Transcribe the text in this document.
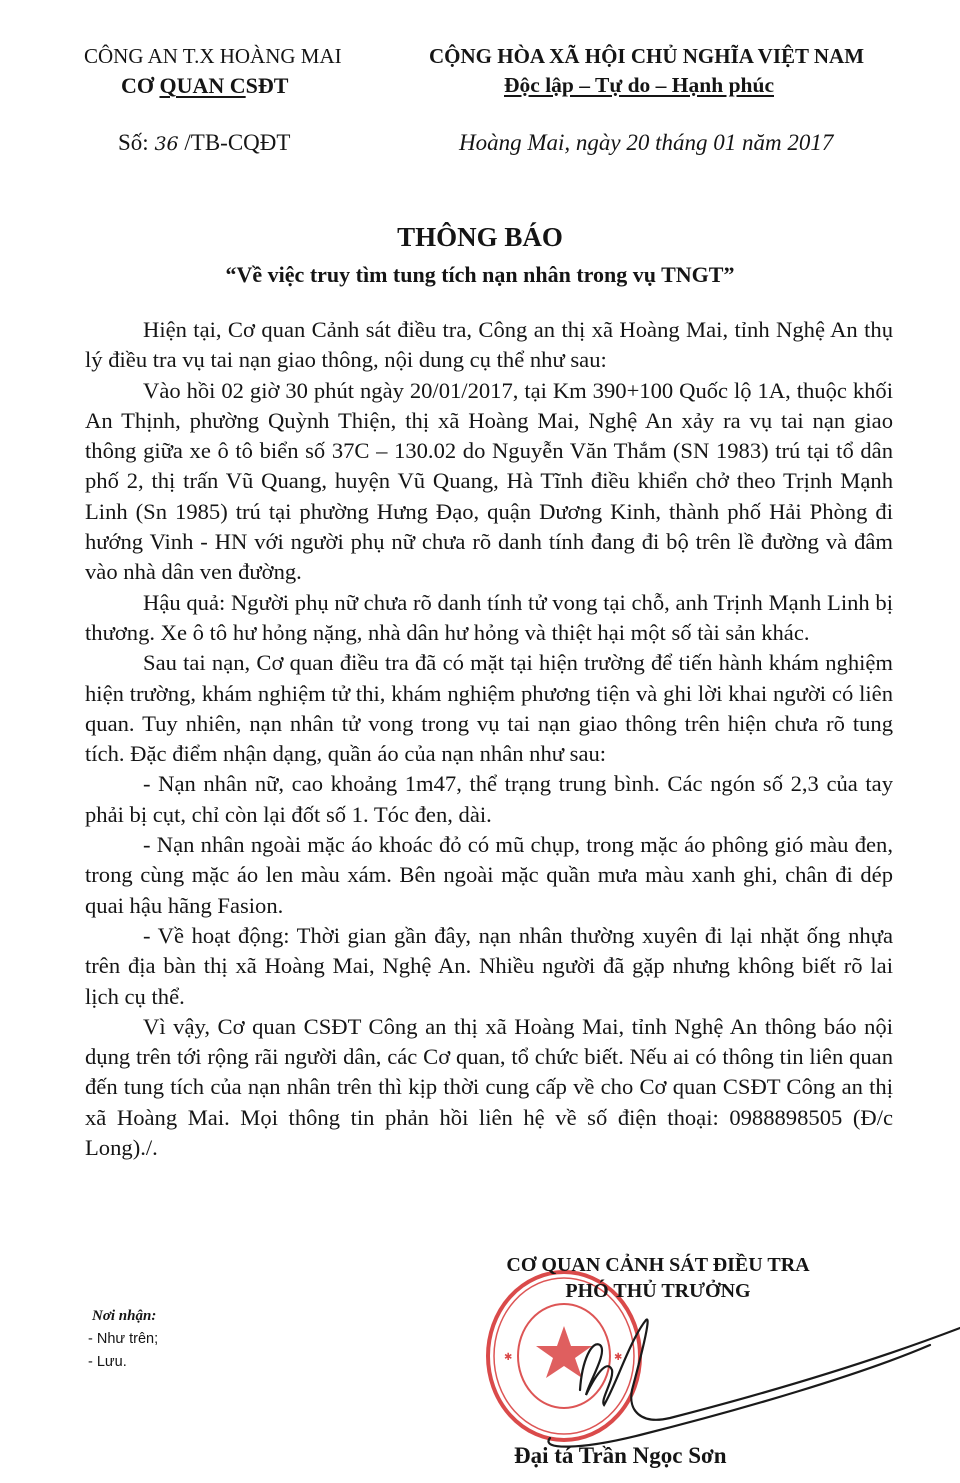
CÔNG AN T.X HOÀNG MAI
CƠ QUAN CSĐT
Số: 36 /TB-CQĐT
CỘNG HÒA XÃ HỘI CHỦ NGHĨA VIỆT NAM
Độc lập – Tự do – Hạnh phúc
Hoàng Mai, ngày 20 tháng 01 năm 2017
THÔNG BÁO
“Về việc truy tìm tung tích nạn nhân trong vụ TNGT”

Hiện tại, Cơ quan Cảnh sát điều tra, Công an thị xã Hoàng Mai, tỉnh Nghệ An thụ lý điều tra vụ tai nạn giao thông, nội dung cụ thể như sau:

Vào hồi 02 giờ 30 phút ngày 20/01/2017, tại Km 390+100 Quốc lộ 1A, thuộc khối An Thịnh, phường Quỳnh Thiện, thị xã Hoàng Mai, Nghệ An xảy ra vụ tai nạn giao thông giữa xe ô tô biển số 37C – 130.02 do Nguyễn Văn Thắm (SN 1983) trú tại tổ dân phố 2, thị trấn Vũ Quang, huyện Vũ Quang, Hà Tĩnh điều khiển chở theo Trịnh Mạnh Linh (Sn 1985) trú tại phường Hưng Đạo, quận Dương Kinh, thành phố Hải Phòng đi hướng Vinh - HN với người phụ nữ chưa rõ danh tính đang đi bộ trên lề đường và đâm vào nhà dân ven đường.

Hậu quả: Người phụ nữ chưa rõ danh tính tử vong tại chỗ, anh Trịnh Mạnh Linh bị thương. Xe ô tô hư hỏng nặng, nhà dân hư hỏng và thiệt hại một số tài sản khác.

Sau tai nạn, Cơ quan điều tra đã có mặt tại hiện trường để tiến hành khám nghiệm hiện trường, khám nghiệm tử thi, khám nghiệm phương tiện và ghi lời khai người có liên quan. Tuy nhiên, nạn nhân tử vong trong vụ tai nạn giao thông trên hiện chưa rõ tung tích. Đặc điểm nhận dạng, quần áo của nạn nhân như sau:

- Nạn nhân nữ, cao khoảng 1m47, thể trạng trung bình. Các ngón số 2,3 của tay phải bị cụt, chỉ còn lại đốt số 1. Tóc đen, dài.

- Nạn nhân ngoài mặc áo khoác đỏ có mũ chụp, trong mặc áo phông gió màu đen, trong cùng mặc áo len màu xám. Bên ngoài mặc quần mưa màu xanh ghi, chân đi dép quai hậu hãng Fasion.

- Về hoạt động: Thời gian gần đây, nạn nhân thường xuyên đi lại nhặt ống nhựa trên địa bàn thị xã Hoàng Mai, Nghệ An. Nhiều người đã gặp nhưng không biết rõ lai lịch cụ thể.

Vì vậy, Cơ quan CSĐT Công an thị xã Hoàng Mai, tỉnh Nghệ An thông báo nội dụng trên tới rộng rãi người dân, các Cơ quan, tổ chức biết. Nếu ai có thông tin liên quan đến tung tích của nạn nhân trên thì kịp thời cung cấp về cho Cơ quan CSĐT Công an thị xã Hoàng Mai. Mọi thông tin phản hồi liên hệ về số điện thoại: 0988898505 (Đ/c Long)./.

✱	✱
CƠ QUAN CẢNH SÁT ĐIỀU TRA
PHÓ THỦ TRƯỞNG
Đại tá Trần Ngọc Sơn
Nơi nhận:
- Như trên;
- Lưu.
